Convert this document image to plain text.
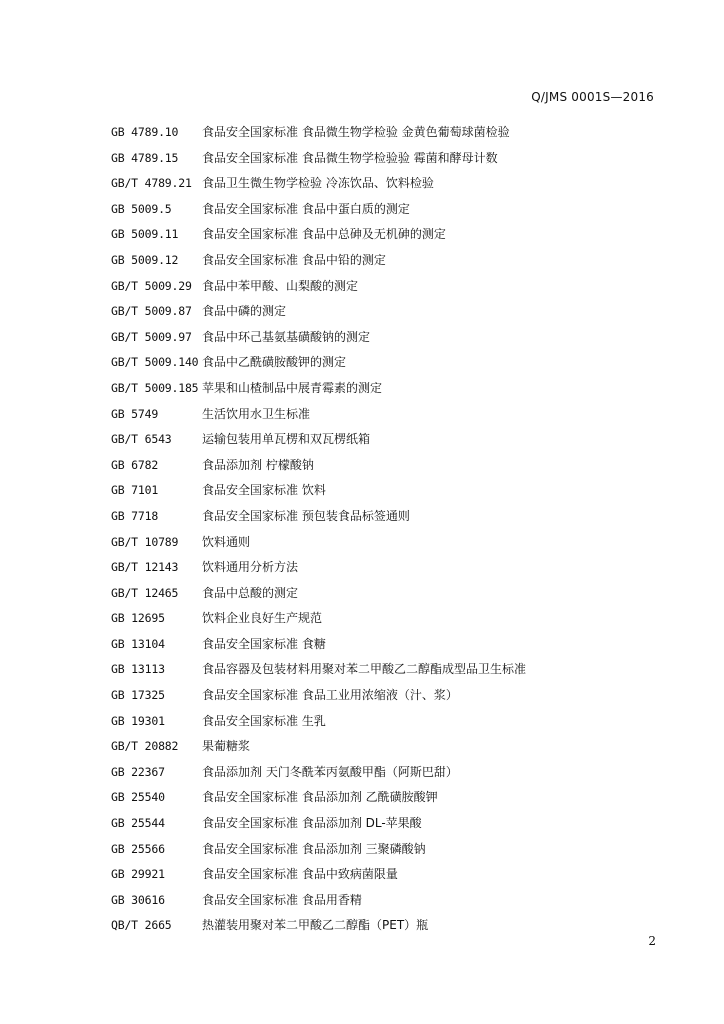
Q/JMS 0001S—2016
GB 4789.10	食品安全国家标准 食品微生物学检验 金黄色葡萄球菌检验
GB 4789.15	食品安全国家标准 食品微生物学检验验 霉菌和酵母计数
GB/T 4789.21 食品卫生微生物学检验 冷冻饮品、饮料检验
GB 5009.5	食品安全国家标准 食品中蛋白质的测定
GB 5009.11	食品安全国家标准 食品中总砷及无机砷的测定
GB 5009.12	食品安全国家标准 食品中铅的测定
GB/T 5009.29 食品中苯甲酸、山梨酸的测定
GB/T 5009.87 食品中磷的测定
GB/T 5009.97 食品中环己基氨基磺酸钠的测定
GB/T 5009.140 食品中乙酰磺胺酸钾的测定
GB/T 5009.185 苹果和山楂制品中展青霉素的测定
GB 5749	生活饮用水卫生标准
GB/T 6543	运输包装用单瓦楞和双瓦楞纸箱
GB 6782	食品添加剂 柠檬酸钠
GB 7101	食品安全国家标准 饮料
GB 7718	食品安全国家标准 预包装食品标签通则
GB/T 10789	饮料通则
GB/T 12143	饮料通用分析方法
GB/T 12465	食品中总酸的测定
GB 12695	饮料企业良好生产规范
GB 13104	食品安全国家标准 食糖
GB 13113	食品容器及包装材料用聚对苯二甲酸乙二醇酯成型品卫生标准
GB 17325	食品安全国家标准 食品工业用浓缩液（汁、浆）
GB 19301	食品安全国家标准 生乳
GB/T 20882	果葡糖浆
GB 22367	食品添加剂 天门冬酰苯丙氨酸甲酯（阿斯巴甜）
GB 25540	食品安全国家标准 食品添加剂 乙酰磺胺酸钾
GB 25544	食品安全国家标准 食品添加剂 DL-苹果酸
GB 25566	食品安全国家标准 食品添加剂 三聚磷酸钠
GB 29921	食品安全国家标准 食品中致病菌限量
GB 30616	食品安全国家标准 食品用香精
QB/T 2665	热灌装用聚对苯二甲酸乙二醇酯（PET）瓶
2
